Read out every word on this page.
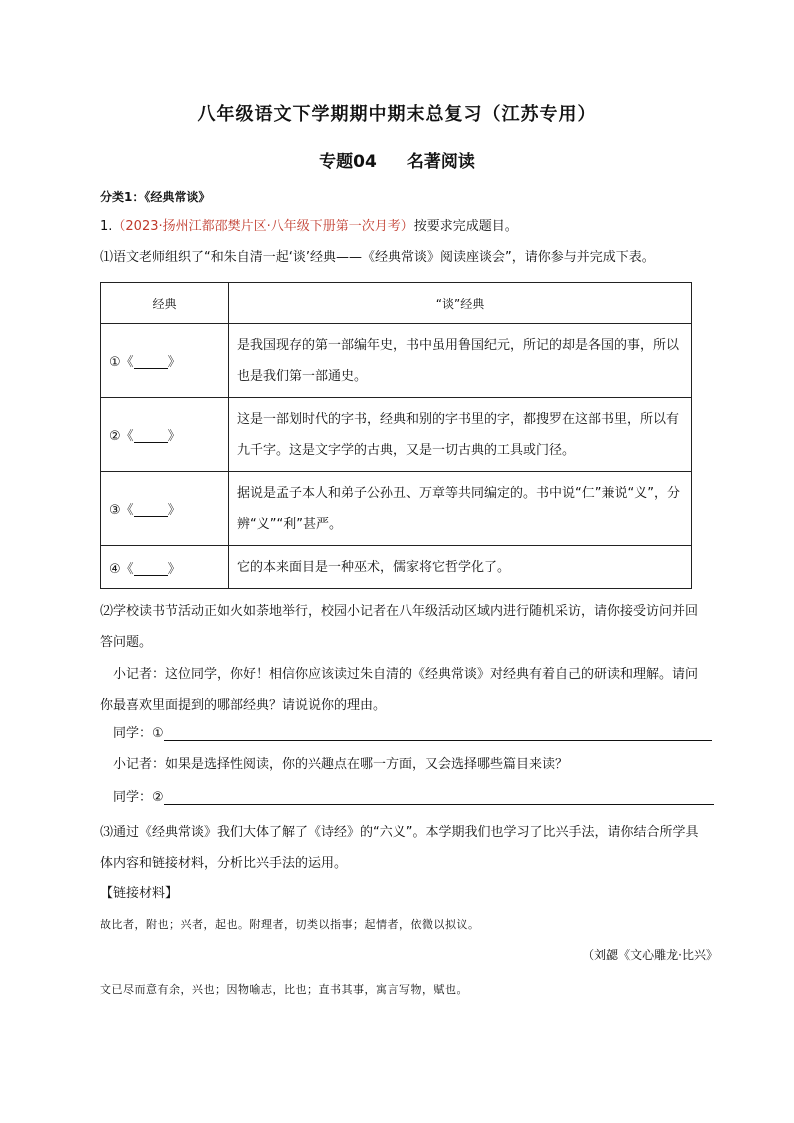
八年级语文下学期期中期末总复习（江苏专用）
专题04 名著阅读
分类1：《经典常谈》
1.（2023·扬州江都邵樊片区·八年级下册第一次月考）按要求完成题目。
⑴语文老师组织了“和朱自清一起‘谈’经典——《经典常谈》阅读座谈会”，请你参与并完成下表。
经典	“谈”经典
①《 》	是我国现存的第一部编年史，书中虽用鲁国纪元，所记的却是各国的事，所以也是我们第一部通史。
②《 》	这是一部划时代的字书，经典和别的字书里的字，都搜罗在这部书里，所以有九千字。这是文字学的古典，又是一切古典的工具或门径。
③《 》	据说是孟子本人和弟子公孙丑、万章等共同编定的。书中说“仁”兼说“义”，分辨“义”“利”甚严。
④《 》	它的本来面目是一种巫术，儒家将它哲学化了。
⑵学校读书节活动正如火如荼地举行，校园小记者在八年级活动区域内进行随机采访，请你接受访问并回答问题。
小记者：这位同学，你好！相信你应该读过朱自清的《经典常谈》对经典有着自己的研读和理解。请问你最喜欢里面提到的哪部经典？请说说你的理由。
同学：①
小记者：如果是选择性阅读，你的兴趣点在哪一方面，又会选择哪些篇目来读？
同学：②
⑶通过《经典常谈》我们大体了解了《诗经》的“六义”。本学期我们也学习了比兴手法，请你结合所学具体内容和链接材料，分析比兴手法的运用。
【链接材料】
故比者，附也；兴者，起也。附理者，切类以指事；起情者，依微以拟议。
（刘勰《文心雕龙·比兴》
文已尽而意有余，兴也；因物喻志，比也；直书其事，寓言写物，赋也。
